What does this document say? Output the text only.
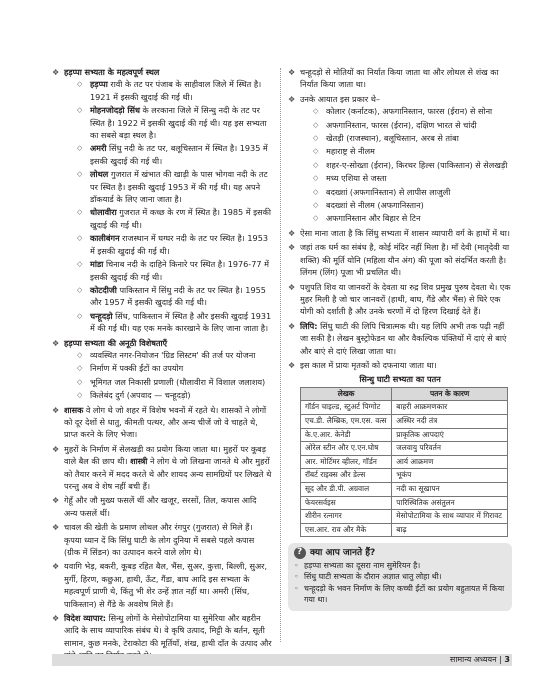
❖ हड़प्पा सभ्यता के महत्वपूर्ण स्थल
◇ हड़प्पा रावी के तट पर पंजाब के साहीवाल जिले में स्थित है। 1921 में इसकी खुदाई की गई थी।
◇ मोहनजोदड़ो सिंध के लरकाना जिले में सिन्धु नदी के तट पर स्थित है। 1922 में इसकी खुदाई की गई थी। यह इस सभ्यता का सबसे बड़ा स्थल है।
◇ अमरी सिंधु नदी के तट पर, बलूचिस्तान में स्थित है। 1935 में इसकी खुदाई की गई थी।
◇ लोथल गुजरात में खंभात की खाड़ी के पास भोगवा नदी के तट पर स्थित है। इसकी खुदाई 1953 में की गई थी। यह अपने डॉकयार्ड के लिए जाना जाता है।
◇ धोलावीरा गुजरात में कच्छ के रण में स्थित है। 1985 में इसकी खुदाई की गई थी।
◇ कालीबंगन राजस्थान में घग्घर नदी के तट पर स्थित है। 1953 में इसकी खुदाई की गई थी।
◇ मांडा चिनाब नदी के दाहिने किनारे पर स्थित है। 1976-77 में इसकी खुदाई की गई थी।
◇ कोटदीजी पाकिस्तान में सिंधु नदी के तट पर स्थित है। 1955 और 1957 में इसकी खुदाई की गई थी।
◇ चन्हूदड़ो सिंध, पाकिस्तान में स्थित है और इसकी खुदाई 1931 में की गई थी। यह एक मनके कारखाने के लिए जाना जाता है।
❖ हड़प्पा सभ्यता की अनूठी विशेषताएँ
◇ व्यवस्थित नगर-नियोजन 'ग्रिड सिस्टम' की तर्ज पर योजना
◇ निर्माण में पक्की ईंटों का उपयोग
◇ भूमिगत जल निकासी प्रणाली (धौलावीरा में विशाल जलाशय)
◇ किलेबंद दुर्ग (अपवाद — चन्हूदड़ो)
❖ शासक वे लोग थे जो शहर में विशेष भवनों में रहते थे। शासकों ने लोगों को दूर देशों से धातु, कीमती पत्थर, और अन्य चीजें जो वे चाहते थे, प्राप्त करने के लिए भेजा।
❖ मुहरों के निर्माण में सेलखड़ी का प्रयोग किया जाता था। मुहरों पर कूबड़ वाले बैल की छाप थी। शास्त्री ने लोग थे जो लिखना जानते थे और मुहरों को तैयार करने में मदद करते थे और शायद अन्य सामग्रियों पर लिखते थे परन्तु अब वे शेष नहीं बची हैं।
❖ गेहूँ और जौ मुख्य फसलें थीं और खजूर, सरसों, तिल, कपास आदि अन्य फसलें थीं।
❖ चावल की खेती के प्रमाण लोथल और रंगपुर (गुजरात) से मिले हैं। कृपया ध्यान दें कि सिंधु घाटी के लोग दुनिया में सबसे पहले कपास (ग्रीक में सिंडन) का उत्पादन करने वाले लोग थे।
❖ यवागि भेड़, बकरी, कूबड़ रहित बैल, भैंस, सुअर, कुत्ता, बिल्ली, सुअर, मुर्गी, हिरण, कछुआ, हाथी, ऊँट, गैंडा, बाघ आदि इस सभ्यता के महत्वपूर्ण प्राणी थे, किंतु भी शेर उन्हें ज्ञात नहीं था। अमरी (सिंध, पाकिस्तान) से गैंडे के अवशेष मिले हैं।
❖ विदेश व्यापार: सिन्धु लोगों के मेसोपोटामिया या सुमेरिया और बहरीन आदि के साथ व्यापारिक संबंध थे। वे कृषि उत्पाद, मिट्टी के बर्तन, सूती सामान, कुछ मनके, टेराकोटा की मूर्तियाँ, शंख, हाथी दाँत के उत्पाद और
❖ चन्हूदड़ो से मोतियों का निर्यात किया जाता था और लोथल से शंख का निर्यात किया जाता था।
❖ उनके आयात इस प्रकार थे–
◇ कोलार (कर्नाटक), अफगानिस्तान, फारस (ईरान) से सोना
◇ अफगानिस्तान, फारस (ईरान), दक्षिण भारत से चांदी
◇ खेतड़ी (राजस्थान), बलूचिस्तान, अरब से तांबा
◇ महाराष्ट्र से नीलम
◇ शहर-ए-सोख्ता (ईरान), किरथर हिल्स (पाकिस्तान) से सेलखड़ी
◇ मध्य एशिया से जस्ता
◇ बदख्शां (अफगानिस्तान) से लापीस लाजुली
◇ बदख्शां से नीलम (अफगानिस्तान)
◇ अफगानिस्तान और बिहार से टिन
❖ ऐसा माना जाता है कि सिंधु सभ्यता में शासन व्यापारी वर्ग के हाथों में था।
❖ जहां तक धर्म का संबंध है, कोई मंदिर नहीं मिला है। माँ देवी (मातृदेवी या शक्ति) की मूर्ति योनि (महिला यौन अंग) की पूजा को संदर्भित करती है। लिंगम (लिंग) पूजा भी प्रचलित थी।
❖ पशुपति शिव या जानवरों के देवता या रुद्र शिव प्रमुख पुरुष देवता थे। एक मुहर मिली है जो चार जानवरों (हाथी, बाघ, गैंडे और भैंस) से घिरे एक योगी को दर्शाती है और उनके चरणों में दो हिरण दिखाई देते हैं।
❖ लिपि: सिंधु घाटी की लिपि चित्रात्मक थी। यह लिपि अभी तक पढ़ी नहीं जा सकी है। लेखन बुस्ट्रोफेडन था और वैकल्पिक पंक्तियों में दाएं से बाएं और बाएं से दाएं लिखा जाता था।
❖ इस काल में प्रायः मृतकों को दफनाया जाता था।
सिन्धु घाटी सभ्यता का पतन
लेखक	पतन के कारण
गॉर्डन चाइल्ड, स्टुअर्ट पिग्गोट	बाहरी आक्रमणकार
एच.डी. लैम्ब्रिक, एम.एस. वत्स	अस्थिर नदी तंत्र
के.ए.आर. केनेडी	प्राकृतिक आपदाएं
ओरेल स्टीन और ए.एन.घोष	जलवायु परिवर्तन
आर. मोर्टिमर व्हीलर, गॉर्डन	आर्य आक्रमण
रॉबर्ट राइक्स और डेल्स	भूकंप
सूद और डी.पी. अग्रवाल	नदी का सूखापन
फेयरसर्वइस	पारिस्थितिक असंतुलन
शीरीन रत्नागर	मेसोपोटामिया के साथ व्यापार में गिरावट
एस.आर. राव और मैके	बाढ़
?
क्या आप जानते हैं?
◦ हड़प्पा सभ्यता का दूसरा नाम सुमेरियन है।
◦ सिंधु घाटी सभ्यता के दौरान अज्ञात धातु लोहा थी।
◦ चन्हूदड़ो के भवन निर्माण के लिए कच्ची ईंटों का प्रयोग बहुतायत में किया गया था।
सामान्य अध्ययन | 3
